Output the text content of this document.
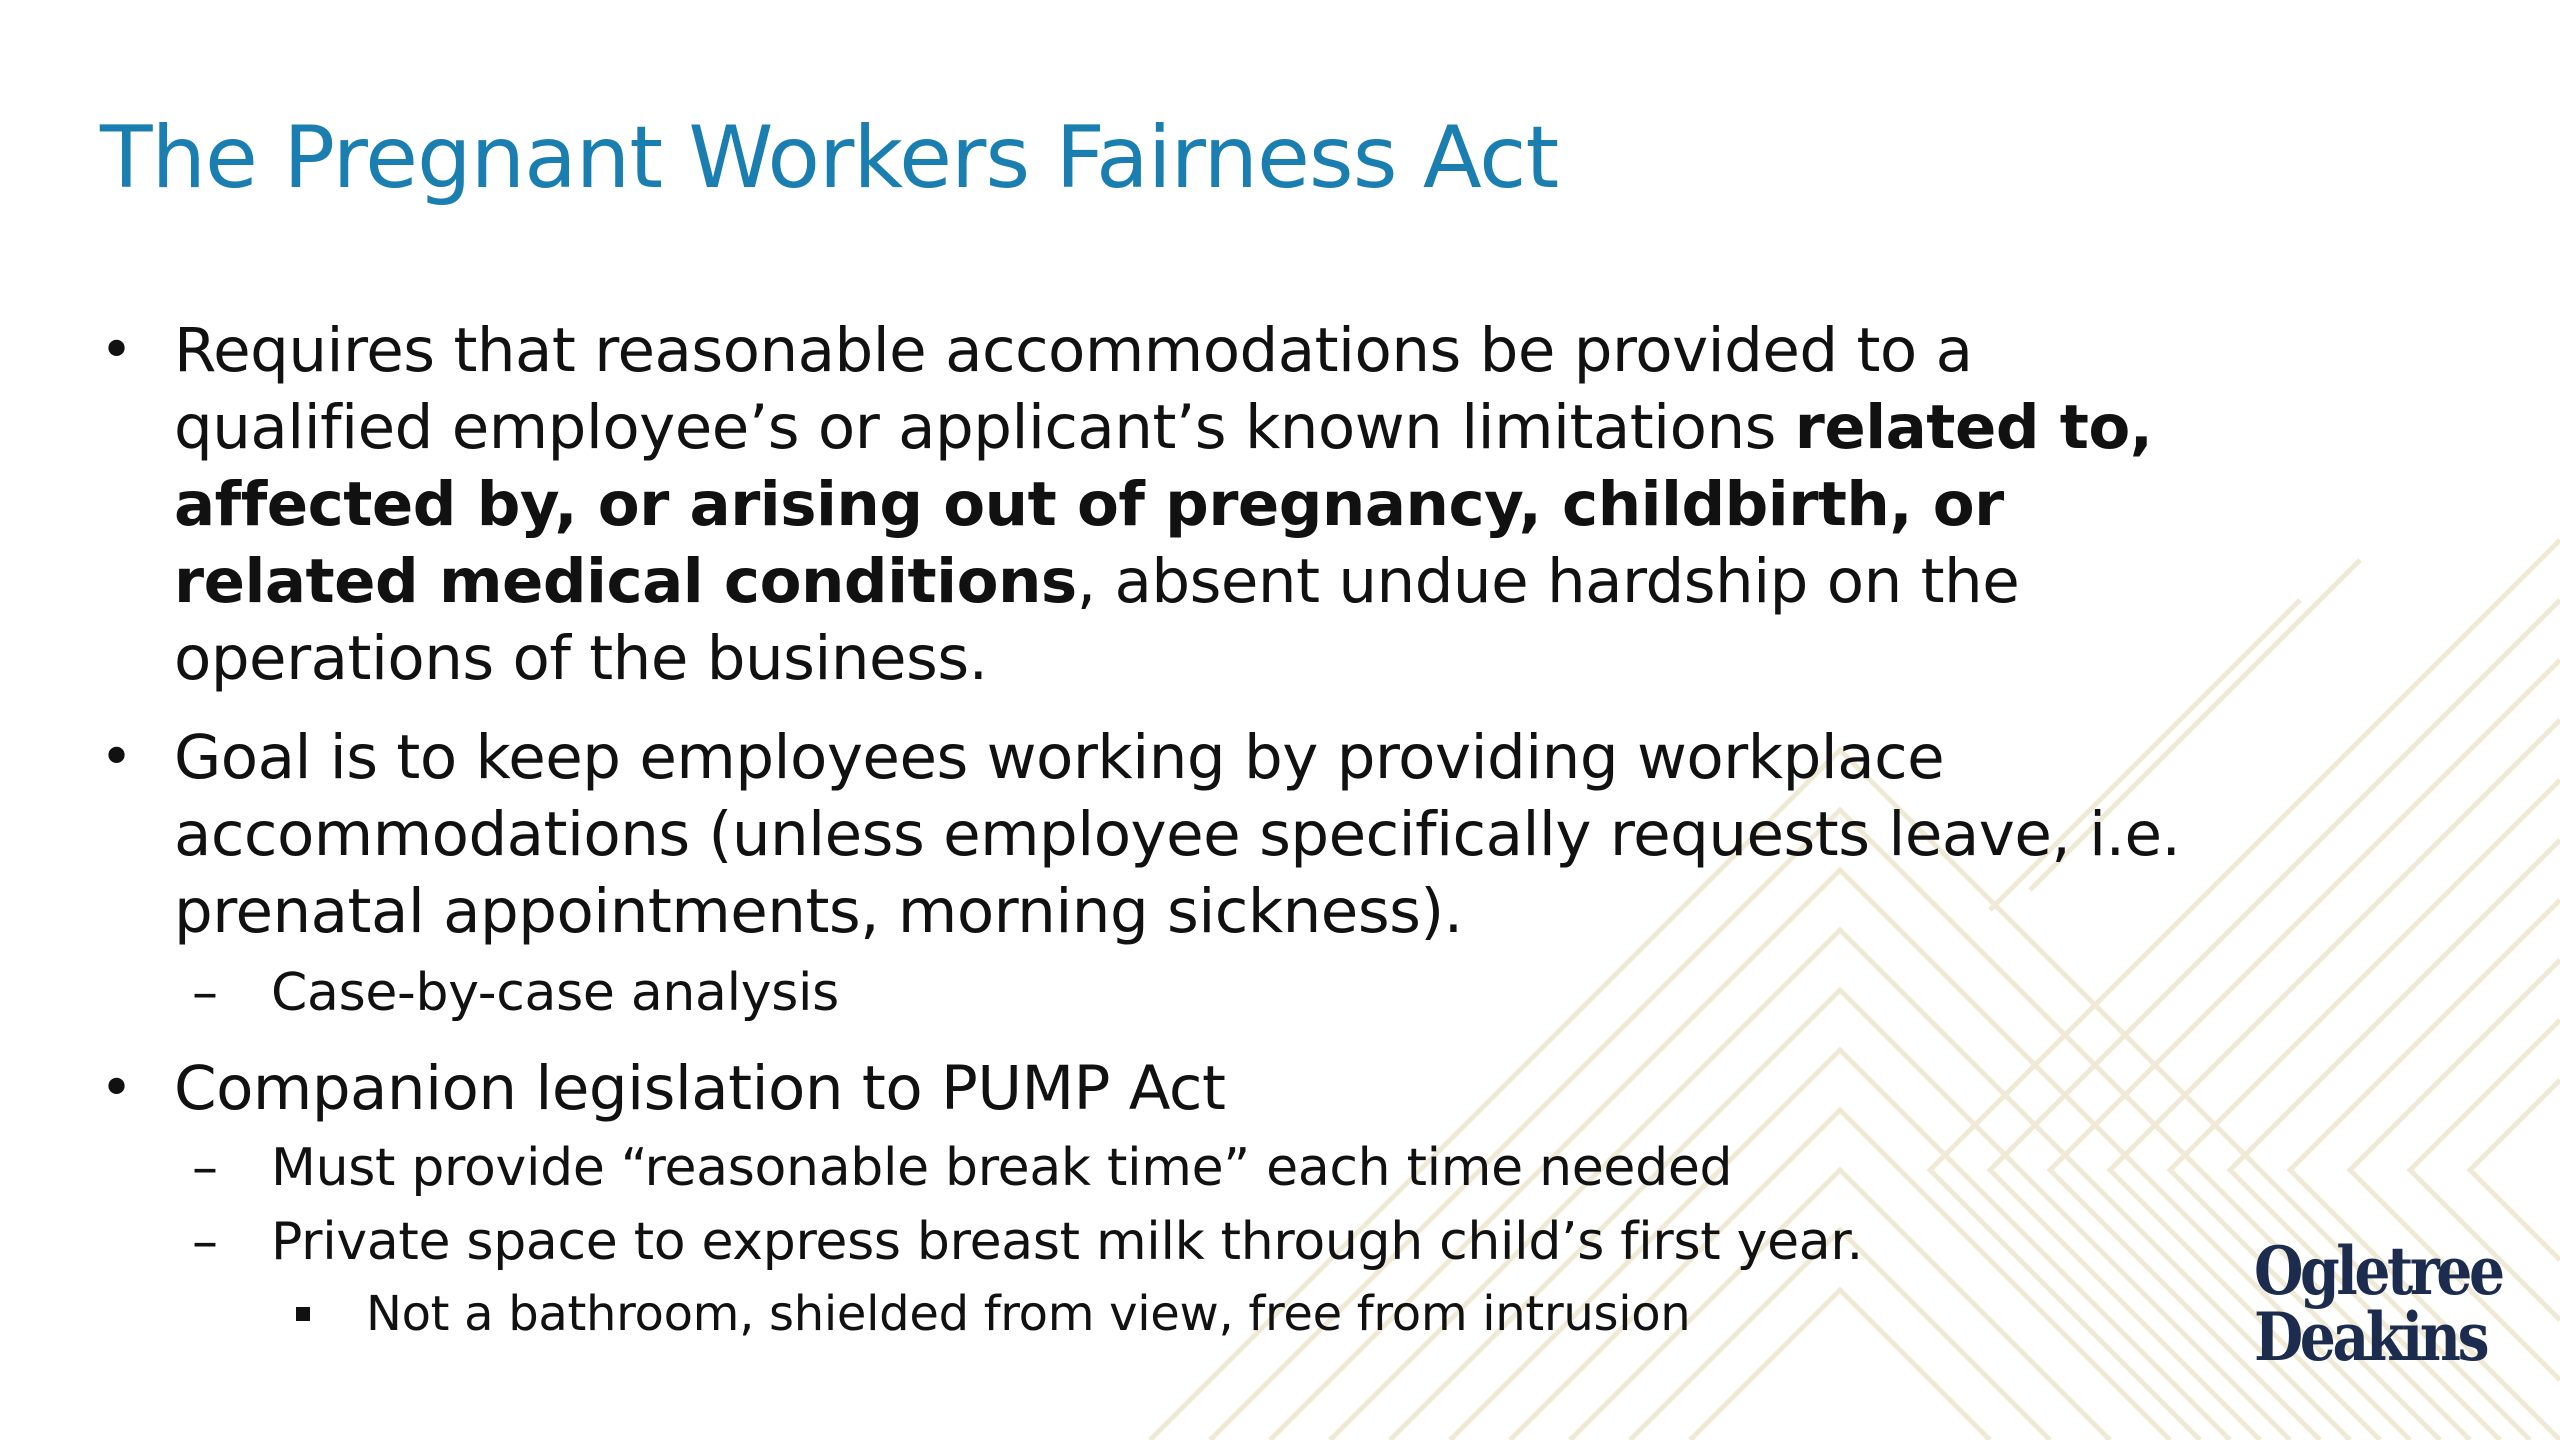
The Pregnant Workers Fairness Act
• Requires that reasonable accommodations be provided to a qualified employee’s or applicant’s known limitations related to, affected by, or arising out of pregnancy, childbirth, or related medical conditions, absent undue hardship on the operations of the business.
• Goal is to keep employees working by providing workplace accommodations (unless employee specifically requests leave, i.e. prenatal appointments, morning sickness).
– Case-by-case analysis
• Companion legislation to PUMP Act
– Must provide “reasonable break time” each time needed
– Private space to express breast milk through child’s first year.
Not a bathroom, shielded from view, free from intrusion
Ogletree
Deakins
